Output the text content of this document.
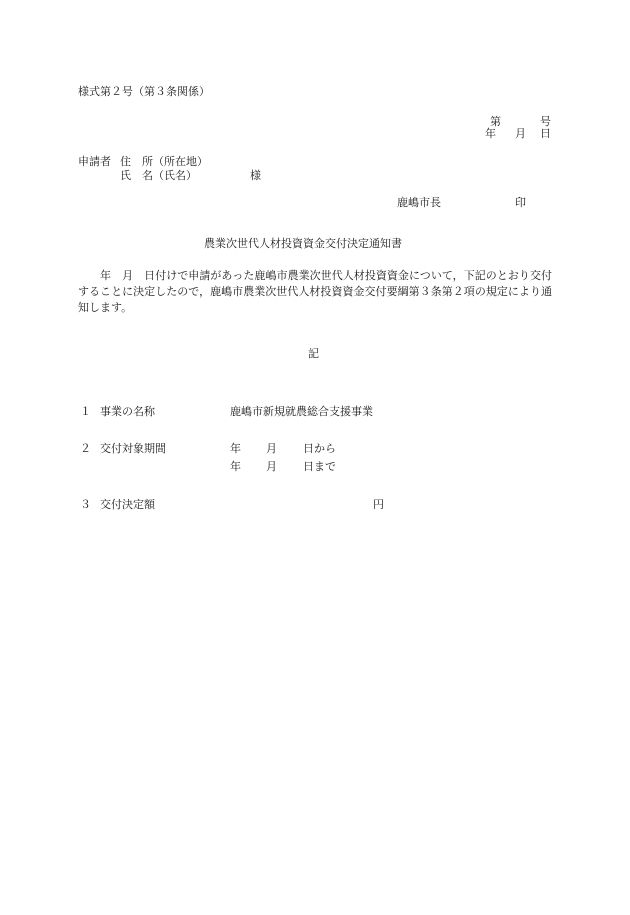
様式第２号（第３条関係）
第	号
年 月 日
申請者 住　所（所在地）
氏　名（氏名）	様
鹿嶋市長	印
農業次世代人材投資資金交付決定通知書
年　月　日付けで申請があった鹿嶋市農業次世代人材投資資金について，下記のとおり交付することに決定したので，鹿嶋市農業次世代人材投資資金交付要綱第３条第２項の規定により通知します。
記
１ 事業の名称	鹿嶋市新規就農総合支援事業
２ 交付対象期間	年 月 日から
年 月 日まで
３ 交付決定額	円
